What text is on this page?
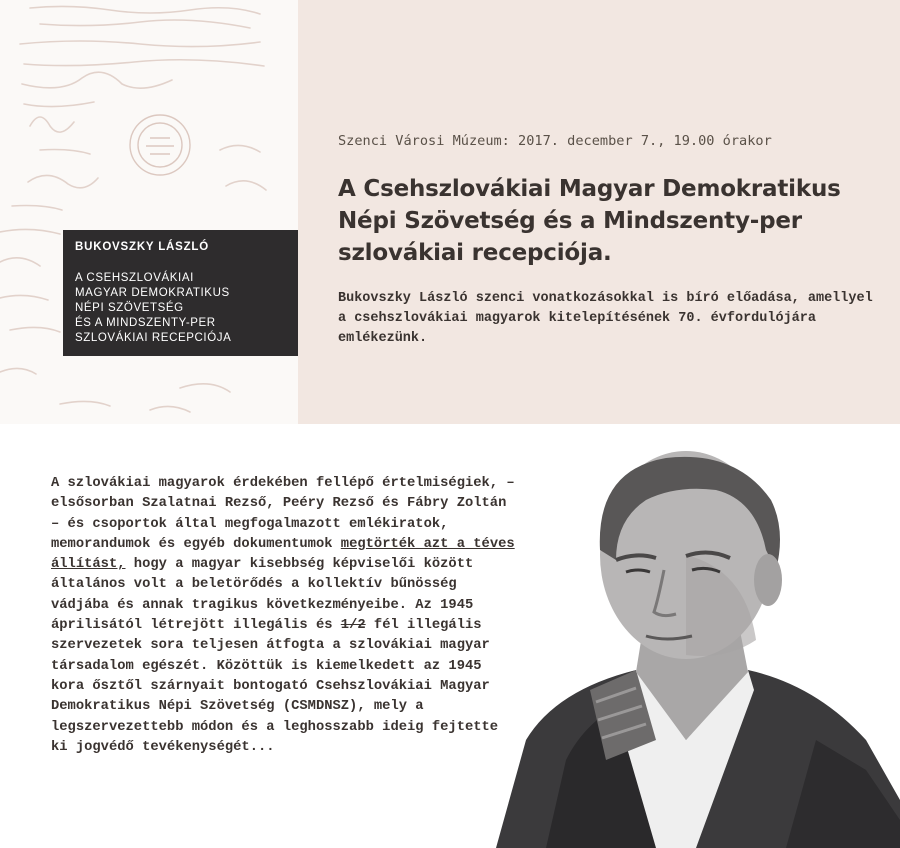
Szenci Városi Múzeum: 2017. december 7., 19.00 órakor
A Csehszlovákiai Magyar Demokratikus Népi Szövetség és a Mindszenty-per szlovákiai recepciója.

Bukovszky László szenci vonatkozásokkal is bíró előadása, amellyel a csehszlovákiai magyarok kitelepítésének 70. évfordulójára emlékezünk.

BUKOVSZKY LÁSZLÓ
A CSEHSZLOVÁKIAI
MAGYAR DEMOKRATIKUS
NÉPI SZÖVETSÉG
ÉS A MINDSZENTY-PER
SZLOVÁKIAI RECEPCIÓJA

A szlovákiai magyarok érdekében fellépő értelmiségiek, – elsősorban Szalatnai Rezső, Peéry Rezső és Fábry Zoltán – és csoportok által megfogalmazott emlékiratok, memorandumok és egyéb dokumentumok megtörték azt a téves állítást, hogy a magyar kisebbség képviselői között általános volt a beletörődés a kollektív bűnösség vádjába és annak tragikus következményeibe. Az 1945 áprilisától létrejött illegális és 1/2 fél illegális szervezetek sora teljesen átfogta a szlovákiai magyar társadalom egészét. Közöttük is kiemelkedett az 1945 kora ősztől szárnyait bontogató Csehszlovákiai Magyar Demokratikus Népi Szövetség (CSMDNSZ), mely a legszervezettebb módon és a leghosszabb ideig fejtette ki jogvédő tevékenységét...
